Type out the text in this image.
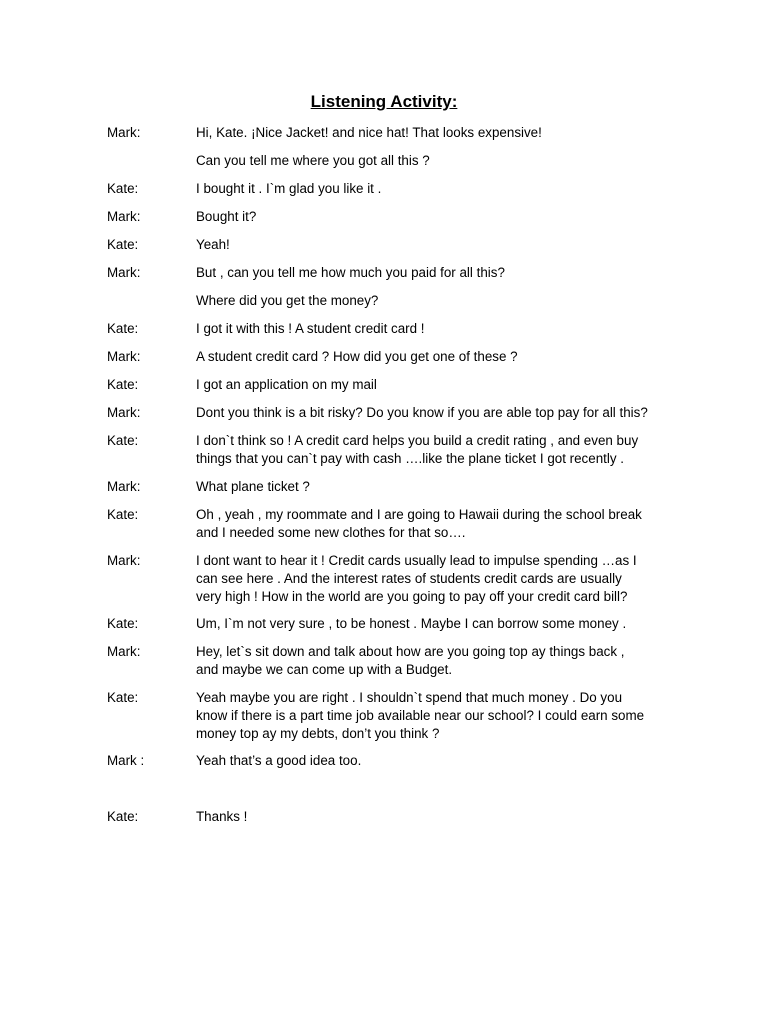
Listening Activity:
Mark:	Hi, Kate. ¡Nice Jacket! and nice hat! That looks expensive!
Can you tell me where you got all this ?
Kate:	I bought it . I`m glad you like it .
Mark:	Bought it?
Kate:	Yeah!
Mark:	But , can you tell me how much you paid for all this?
Where did you get the money?
Kate:	I got it with this ! A student credit card !
Mark:	A student credit card ? How did you get one of these ?
Kate:	I got an application on my mail
Mark:	Dont you think is a bit risky? Do you know if you are able top pay for all this?
Kate:	I don`t think so ! A credit card helps you build a credit rating , and even buy
things that you can`t pay with cash ….like the plane ticket I got recently .
Mark:	What plane ticket ?
Kate:	Oh , yeah , my roommate and I are going to Hawaii during the school break
and I needed some new clothes for that so….
Mark:	I dont want to hear it ! Credit cards usually lead to impulse spending …as I
can see here . And the interest rates of students credit cards are usually
very high ! How in the world are you going to pay off your credit card bill?
Kate:	Um, I`m not very sure , to be honest . Maybe I can borrow some money .
Mark:	Hey, let`s sit down and talk about how are you going top ay things back ,
and maybe we can come up with a Budget.
Kate:	Yeah maybe you are right . I shouldn`t spend that much money . Do you
know if there is a part time job available near our school? I could earn some
money top ay my debts, don’t you think ?
Mark :	Yeah that’s a good idea too.
Kate:	Thanks !
